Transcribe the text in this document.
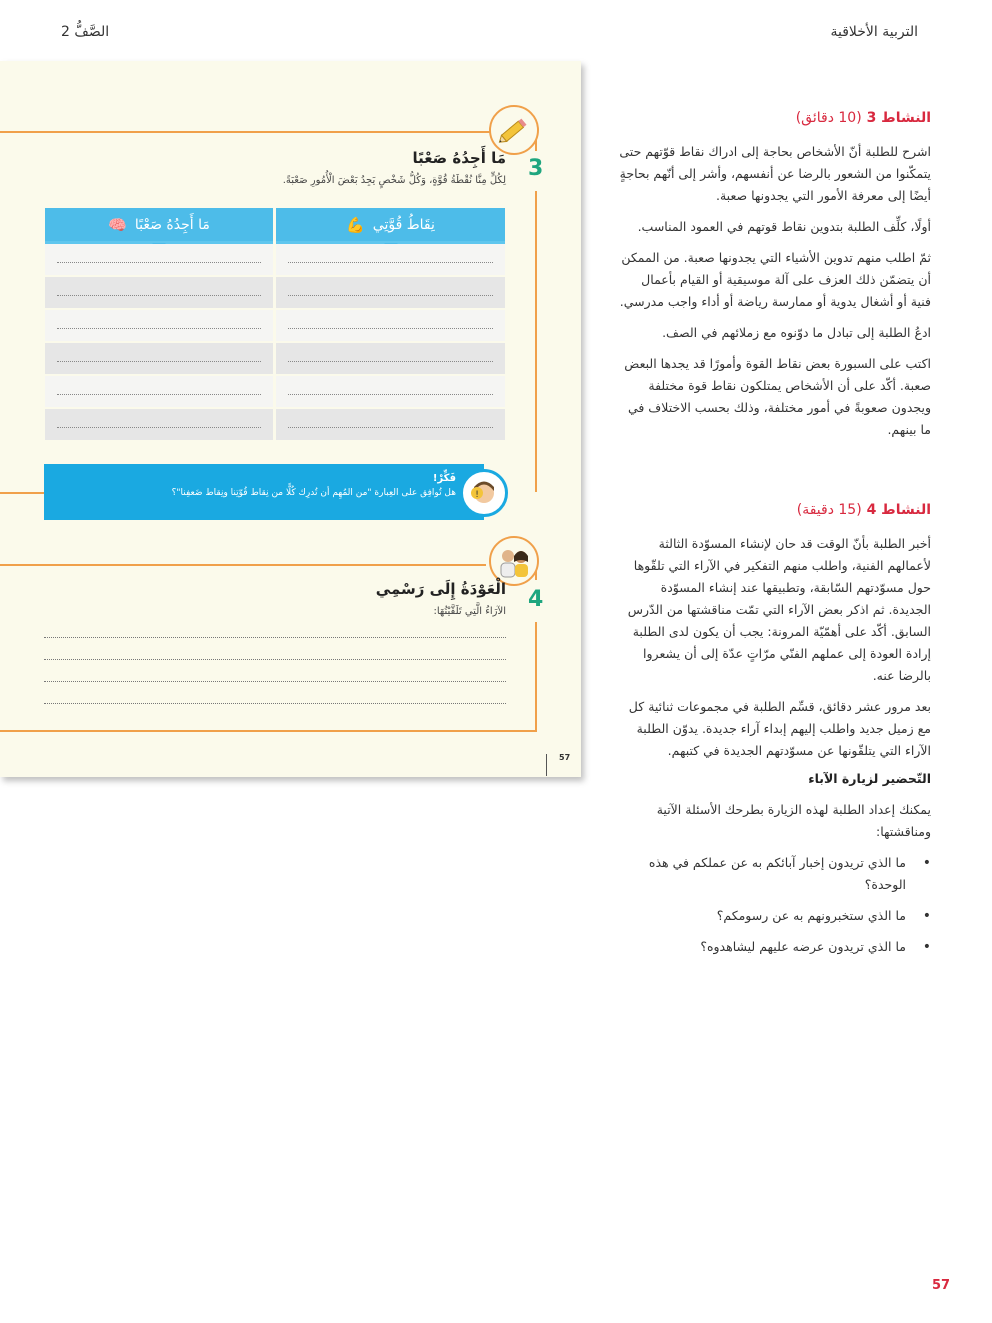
التربية الأخلاقية
الصَّفُّ 2
3
مَا أَجِدُهُ صَعْبًا
لِكُلٍّ مِنَّا نُقْطَةُ قُوَّةٍ، وَكُلُّ شَخْصٍ يَجِدُ بَعْضَ الْأُمُورِ صَعْبَةً.
نِقَاطُ قُوَّتِي
💪
مَا أَجِدُهُ صَعْبًا
🧠
فَكِّرْ!
هل تُوافِق على العِبارة "من المُهِم أن تُدرِك كُلًّا من نِقاط قُوّتِنا ونِقاط ضَعفِنا"؟ !
4
الْعَوْدَةُ إِلَى رَسْمِي
الآرَاءُ الَّتِي تَلَقَّيْتُهَا:
57
النشاط 3 (10 دقائق)

اشرح للطلبة أنّ الأشخاص بحاجة إلى ادراك نقاط قوّتهم حتى يتمكّنوا من الشعور بالرضا عن أنفسهم، وأشر إلى أنّهم بحاجةٍ أيضًا إلى معرفة الأمور التي يجدونها صعبة.

أولًا، كلِّف الطلبة بتدوين نقاط قوتهم في العمود المناسب.

ثمّ اطلب منهم تدوين الأشياء التي يجدونها صعبة. من الممكن أن يتضمّن ذلك العزف على آلة موسيقية أو القيام بأعمال فنية أو أشغال يدوية أو ممارسة رياضة أو أداء واجب مدرسي.

ادعُ الطلبة إلى تبادل ما دوّنوه مع زملائهم في الصف.

اكتب على السبورة بعض نقاط القوة وأمورًا قد يجدها البعض صعبة. أكّد على أن الأشخاص يمتلكون نقاط قوة مختلفة ويجدون صعوبةً في أمور مختلفة، وذلك بحسب الاختلاف في ما بينهم.

النشاط 4 (15 دقيقة)

أخبر الطلبة بأنّ الوقت قد حان لإنشاء المسوّدة الثالثة لأعمالهم الفنية، واطلب منهم التفكير في الآراء التي تلقّوها حول مسوّدتهم السّابقة، وتطبيقها عند إنشاء المسوّدة الجديدة. ثم اذكر بعض الآراء التي تمّت مناقشتها من الدّرس السابق. أكّد على أهمّيّة المرونة: يجب أن يكون لدى الطلبة إرادة العودة إلى عملهم الفنّي مرّاتٍ عدّة إلى أن يشعروا بالرضا عنه.

بعد مرور عشر دقائق، قسِّم الطلبة في مجموعات ثنائية كل مع زميل جديد واطلب إليهم إبداء آراء جديدة. يدوّن الطلبة الآراء التي يتلقّونها عن مسوّدتهم الجديدة في كتبهم.

التّحضير لزيارة الآباء
يمكنك إعداد الطلبة لهذه الزيارة بطرحك الأسئلة الآتية ومناقشتها:
• ما الذي تريدون إخبار آبائكم به عن عملكم في هذه الوحدة؟
• ما الذي ستخبرونهم به عن رسومكم؟
• ما الذي تريدون عرضه عليهم ليشاهدوه؟
57
